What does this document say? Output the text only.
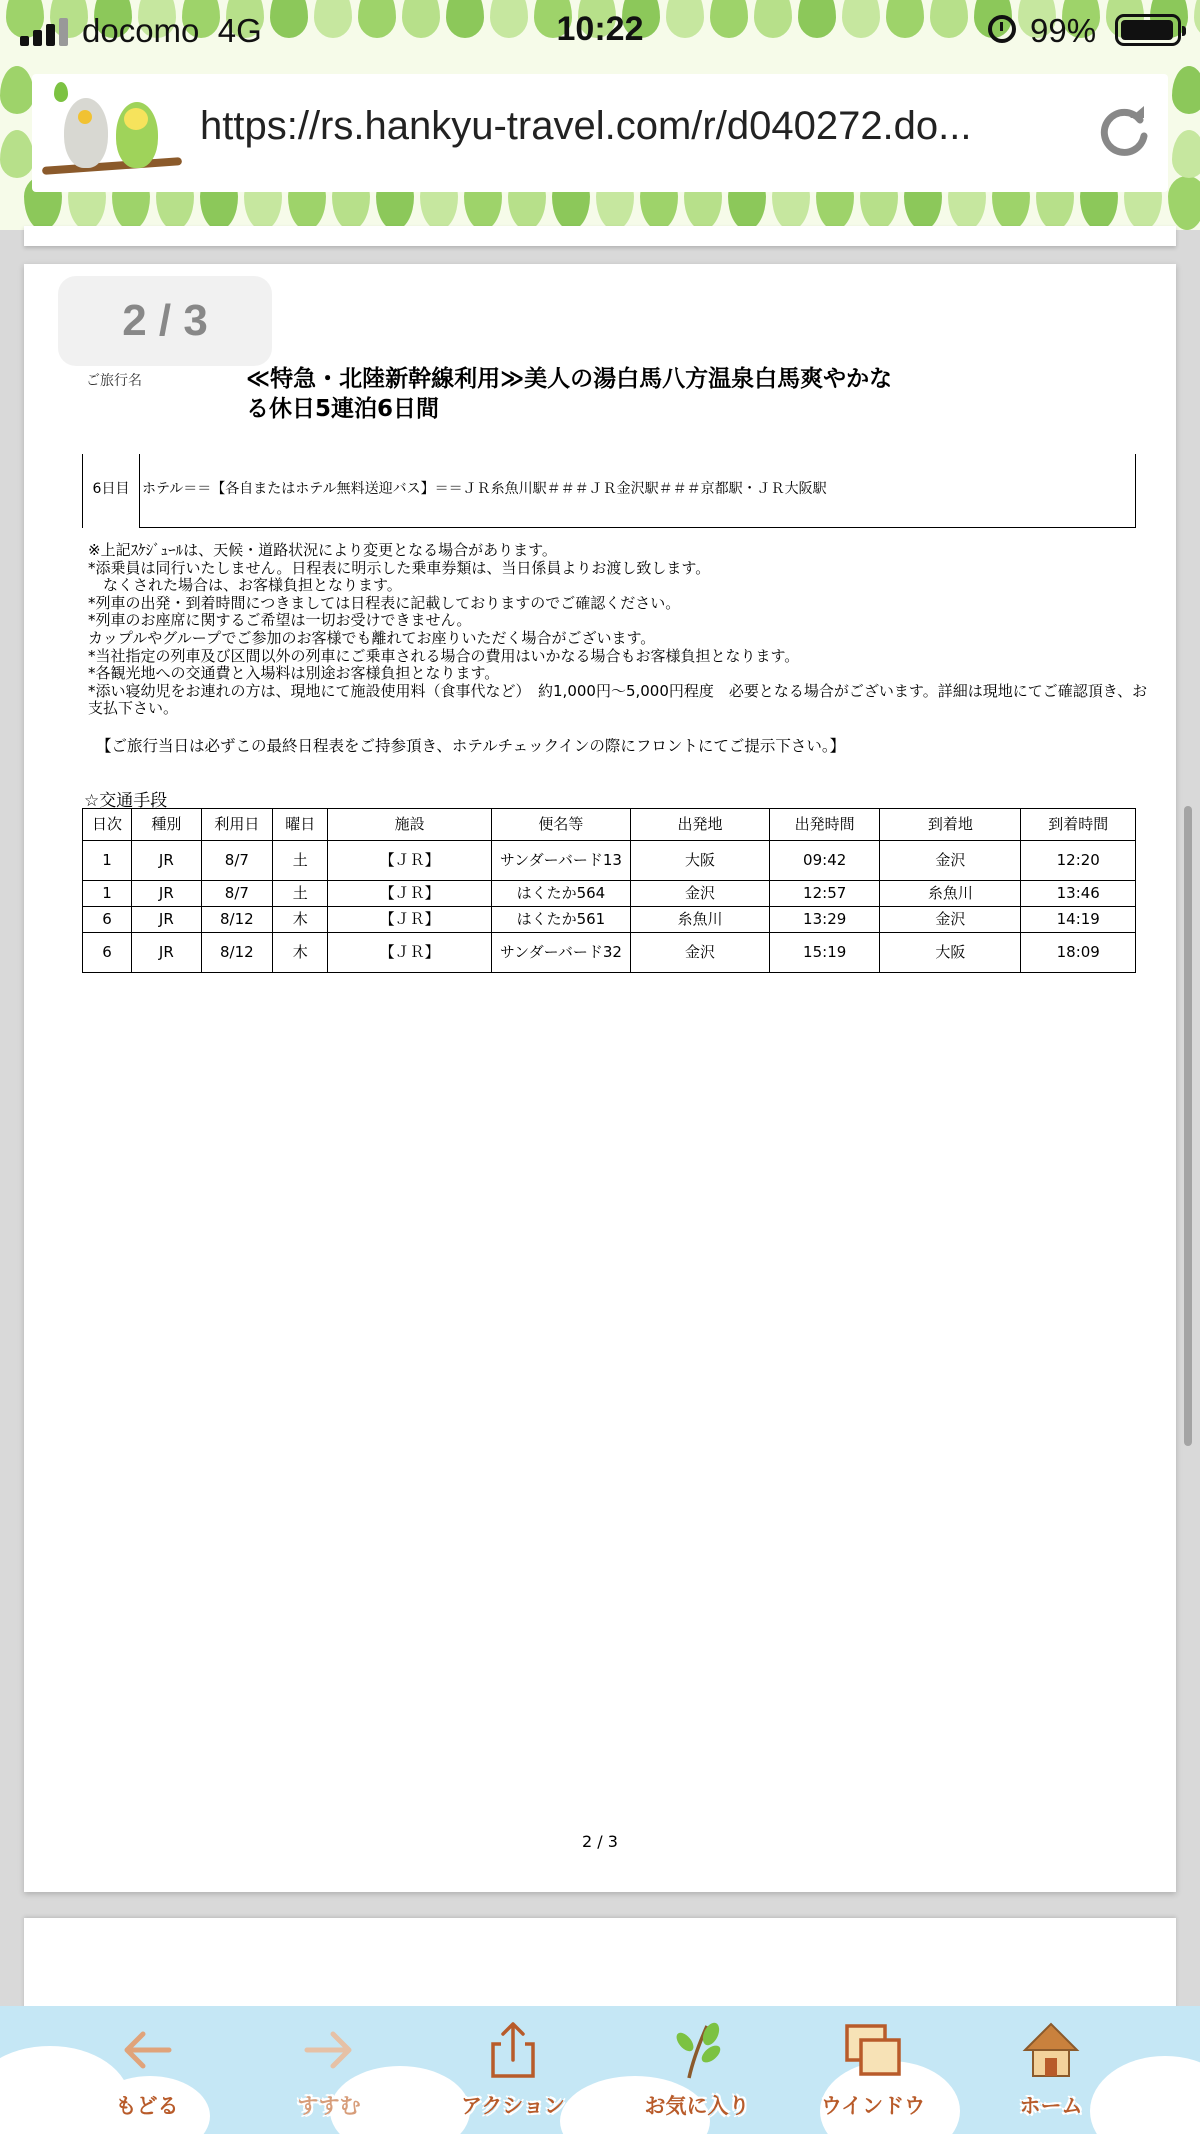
docomo 4G	10:22	99%
https://rs.hankyu-travel.com/r/d040272.do...
2 / 3
ご旅行名	≪特急・北陸新幹線利用≫美人の湯白馬八方温泉白馬爽やかな
る休日5連泊6日間
6日目 ホテル＝＝【各自またはホテル無料送迎バス】＝＝ＪＲ糸魚川駅＃＃＃ＪＲ金沢駅＃＃＃京都駅・ＪＲ大阪駅
※上記ｽｹｼﾞｭｰﾙは、天候・道路状況により変更となる場合があります。
*添乗員は同行いたしません。日程表に明示した乗車券類は、当日係員よりお渡し致します。
　なくされた場合は、お客様負担となります。
*列車の出発・到着時間につきましては日程表に記載しておりますのでご確認ください。
*列車のお座席に関するご希望は一切お受けできません。
カップルやグループでご参加のお客様でも離れてお座りいただく場合がございます。
*当社指定の列車及び区間以外の列車にご乗車される場合の費用はいかなる場合もお客様負担となります。
*各観光地への交通費と入場料は別途お客様負担となります。
*添い寝幼児をお連れの方は、現地にて施設使用料（食事代など）　約1,000円～5,000円程度　必要となる場合がございます。詳細は現地にてご確認頂き、お支払下さい。
【ご旅行当日は必ずこの最終日程表をご持参頂き、ホテルチェックインの際にフロントにてご提示下さい。】
☆交通手段
日次	種別	利用日	曜日	施設	便名等	出発地	出発時間	到着地	到着時間
1	JR	8/7	土	【ＪＲ】	サンダーバード13	大阪	09:42	金沢	12:20
1	JR	8/7	土	【ＪＲ】	はくたか564	金沢	12:57	糸魚川	13:46
6	JR	8/12	木	【ＪＲ】	はくたか561	糸魚川	13:29	金沢	14:19
6	JR	8/12	木	【ＪＲ】	サンダーバード32	金沢	15:19	大阪	18:09
2 / 3
もどる	すすむ	アクション	お気に入り	ウインドウ	ホーム
